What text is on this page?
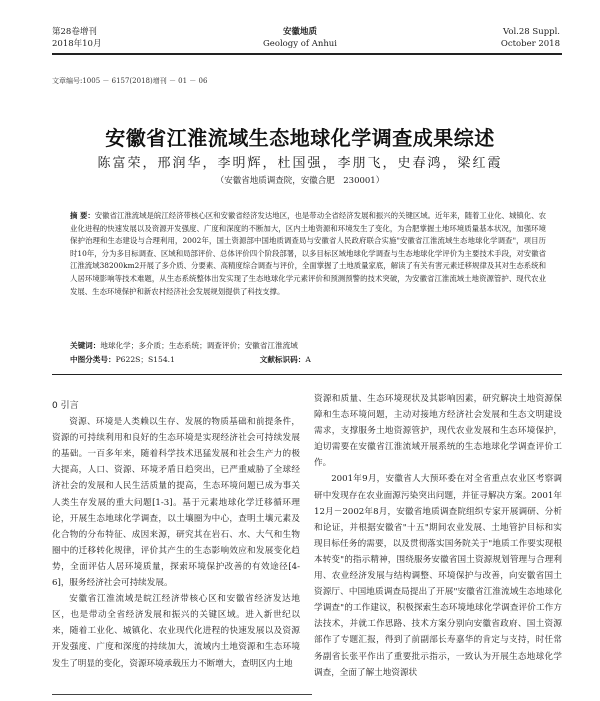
第28卷增刊
2018年10月
安徽地质
Geology of Anhui
Vol.28 Suppl.
October 2018
文章编号:1005 － 6157(2018)增刊 － 01 － 06
安徽省江淮流域生态地球化学调查成果综述
陈富荣，邢润华，李明辉，杜国强，李朋飞，史春鸿，梁红霞
（安徽省地质调查院，安徽合肥　230001）
摘 要：安徽省江淮流域是皖江经济带核心区和安徽省经济发达地区，也是带动全省经济发展和振兴的关键区域。近年来，随着工业化、城镇化、农业化进程的快速发展以及资源开发强度、广度和深度的不断加大，区内土地资源和环境发生了变化，为合肥掌握土地环境质量基本状况，加强环境保护治理和生态建设与合理利用，2002年，国土资源部中国地质调查局与安徽省人民政府联合实施"安徽省江淮流域生态地球化学调查"，项目历时10年，分为多目标调查、区域和局部评价、总体评价四个阶段部署，以多目标区域地球化学调查与生态地球化学评价为主要技术手段，对安徽省江淮流域38200km2开展了多介质、分要素、高精度综合调查与评价，全面掌握了土地质量家底，解读了有关有害元素迁移规律及其对生态系统和人居环境影响等技术难题，从生态系统整体出发实现了生态地球化学元素评价和预测预警的技术突破，为安徽省江淮流域土地资源管护、现代农业发展、生态环境保护和新农村经济社会发展规划提供了科技支撑。
关键词：地球化学；多介质；生态系统；调查评价；安徽省江淮流域
中图分类号：P622S；S154.1	文献标识码：A

0 引言

资源、环境是人类赖以生存、发展的物质基础和前提条件，资源的可持续利用和良好的生态环境是实现经济社会可持续发展的基础。一百多年来，随着科学技术迅猛发展和社会生产力的极大提高，人口、资源、环境矛盾日趋突出，已严重威胁了全球经济社会的发展和人民生活质量的提高，生态环境问题已成为事关人类生存发展的重大问题[1-3]。基于元素地球化学迁移循环理论，开展生态地球化学调查，以土壤圈为中心，查明土壤元素及化合物的分布特征、成因来源，研究其在岩石、水、大气和生物圈中的迁移转化规律，评价其产生的生态影响效应和发展变化趋势，全面评估人居环境质量，探索环境保护改善的有效途径[4-6]，服务经济社会可持续发展。

安徽省江淮流域是皖江经济带核心区和安徽省经济发达地区，也是带动全省经济发展和振兴的关键区域。进入新世纪以来，随着工业化、城镇化、农业现代化进程的快速发展以及资源开发强度、广度和深度的持续加大，流域内土地资源和生态环境发生了明显的变化，资源环境承载压力不断增大，查明区内土地

资源和质量、生态环境现状及其影响因素，研究解决土地资源保障和生态环境问题，主动对接地方经济社会发展和生态文明建设需求，支撑服务土地资源管护，现代农业发展和生态环境保护，迫切需要在安徽省江淮流域开展系统的生态地球化学调查评价工作。

2001年9月，安徽省人大预环委在对全省重点农业区考察调研中发现存在农业面源污染突出问题，并征寻解决方案。2001年12月－2002年8月，安徽省地质调查院组织专家开展调研、分析和论证，并根据安徽省"十五"期间农业发展、土地管护目标和实现目标任务的需要，以及贯彻落实国务院关于"地质工作要实现根本转变"的指示精神，围绕服务安徽省国土资源规划管理与合理利用、农业经济发展与结构调整、环境保护与改善，向安徽省国土资源厅、中国地质调查局提出了开展"安徽省江淮流域生态地球化学调查"的工作建议，积极探索生态环境地球化学调查评价工作方法技术，并就工作思路、技术方案分别向安徽省政府、国土资源部作了专题汇报，得到了前副部长寿嘉华的肯定与支持，时任常务副省长张平作出了重要批示指示，一致认为开展生态地球化学调查，全面了解土地资源状
